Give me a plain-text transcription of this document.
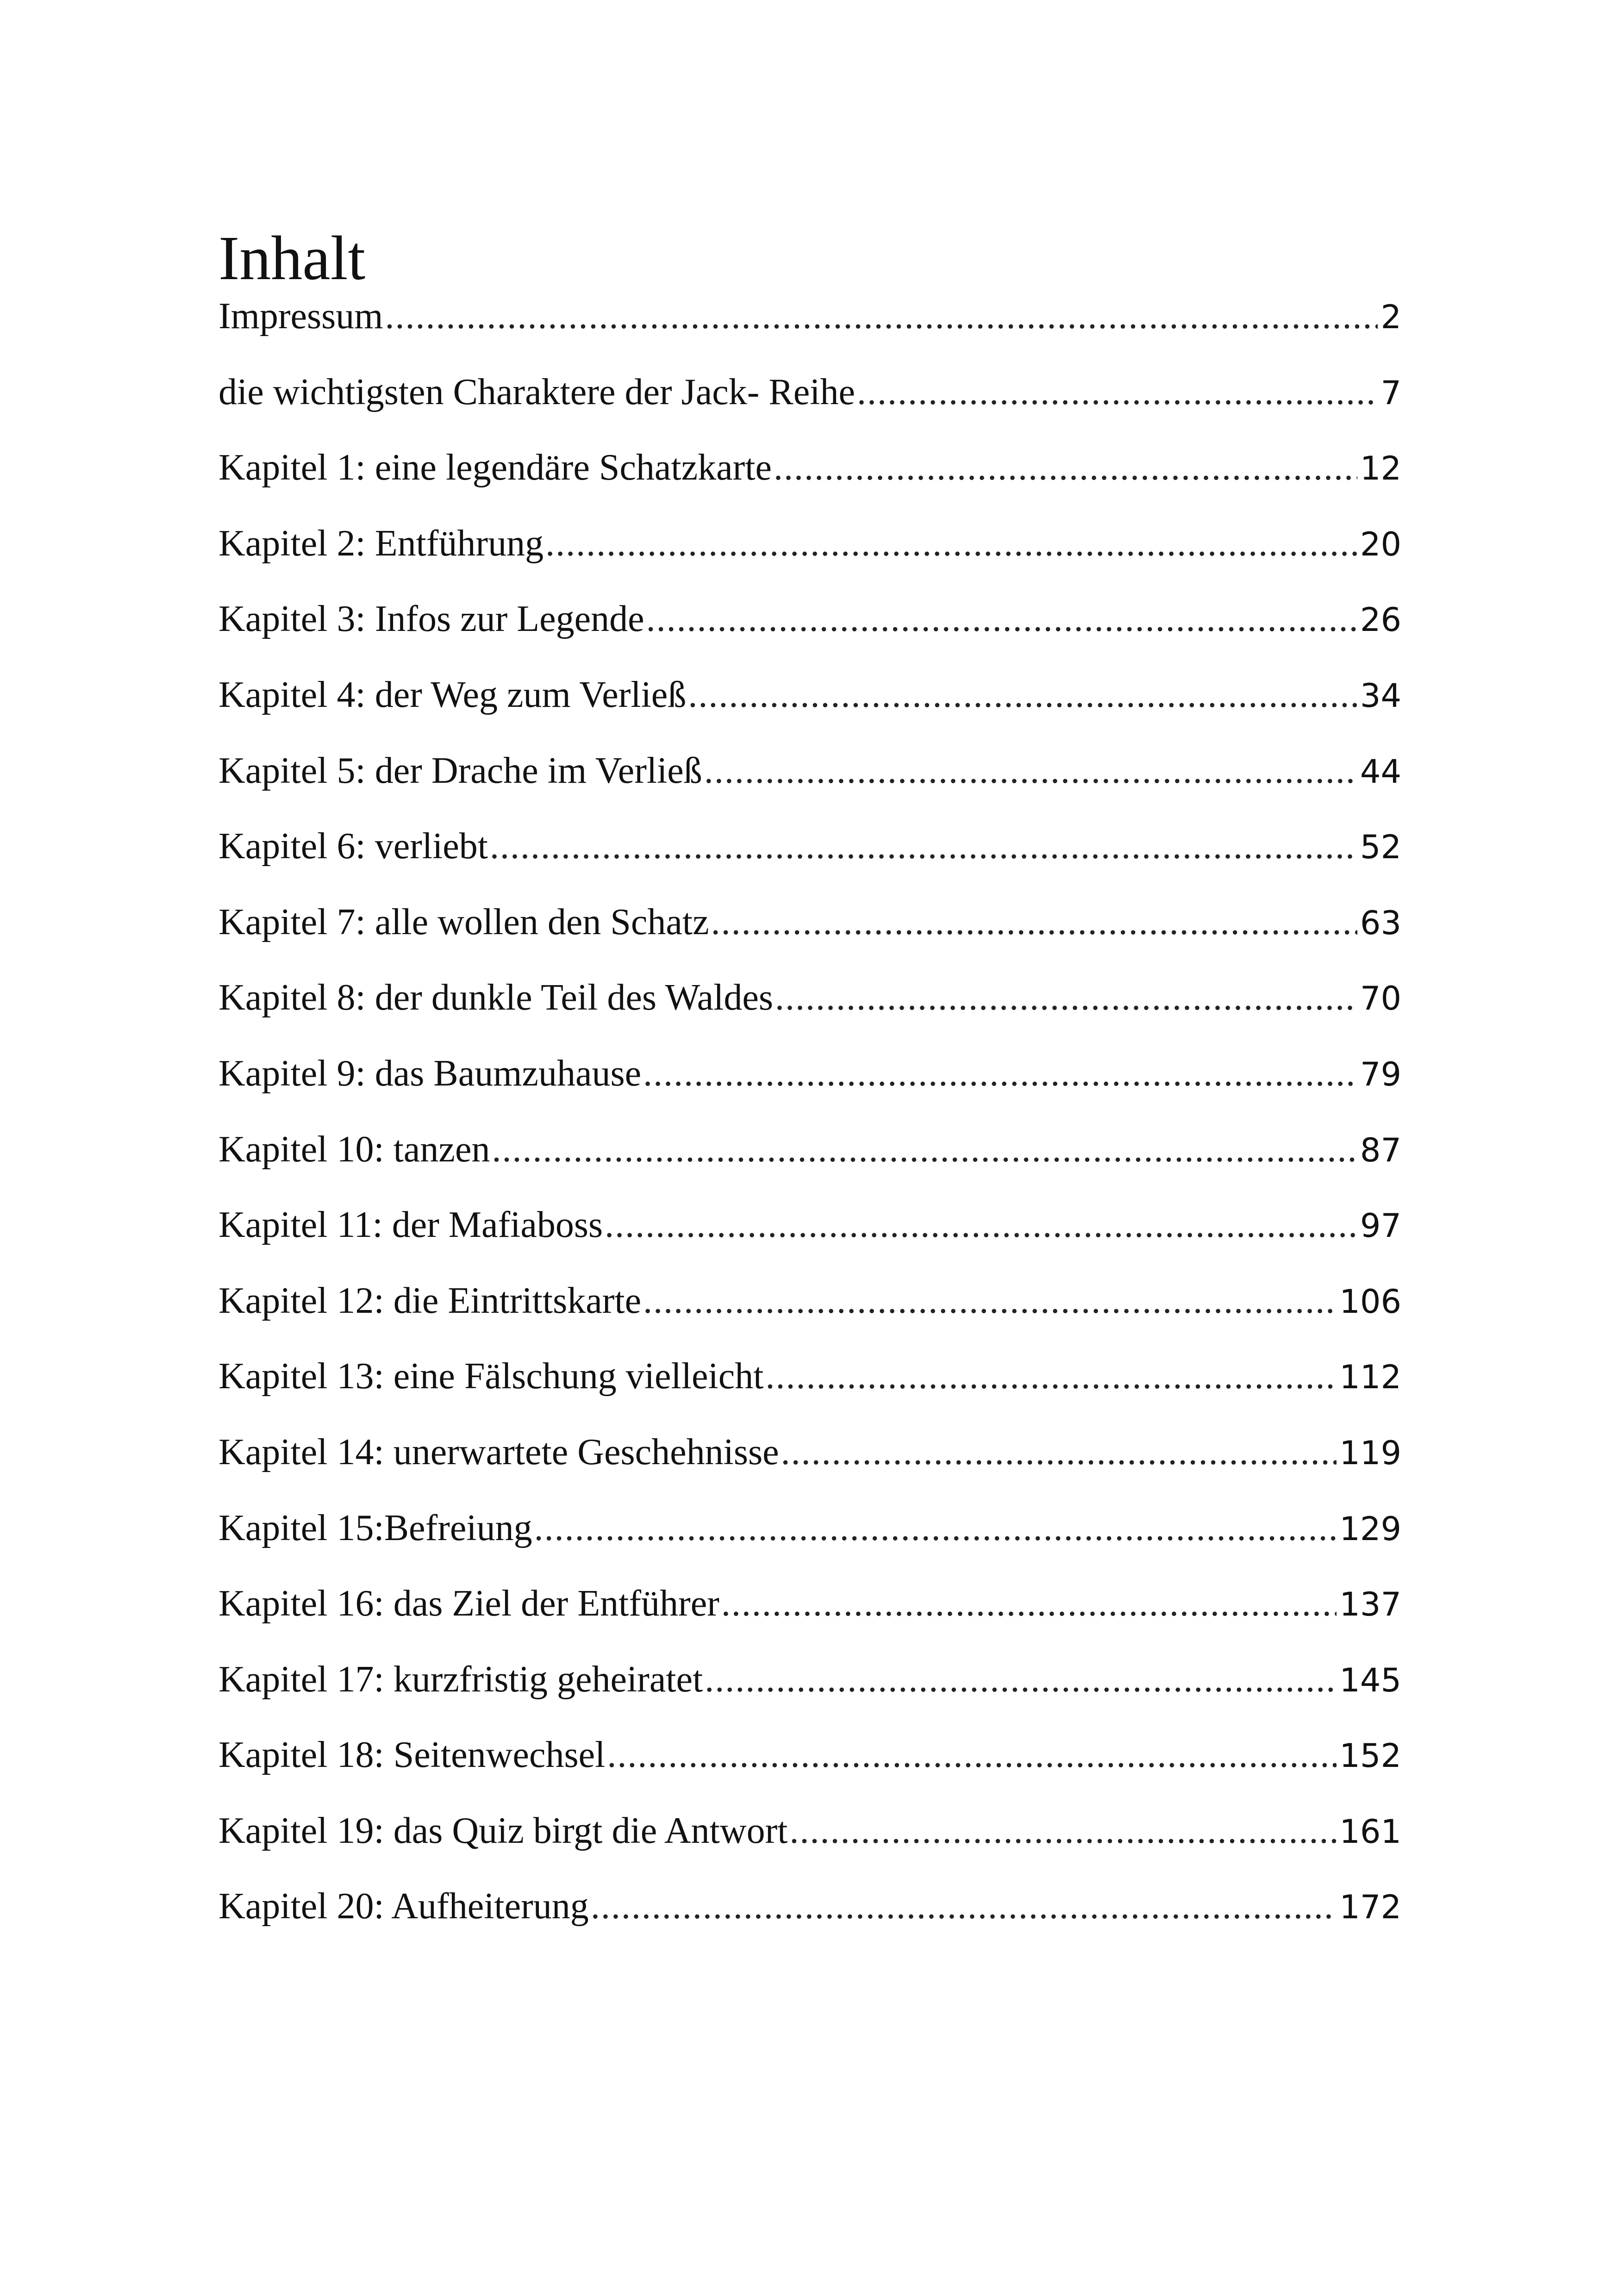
Inhalt
Impressum .....	2
die wichtigsten Charaktere der Jack- Reihe .....	7
Kapitel 1: eine legendäre Schatzkarte .....	12
Kapitel 2: Entführung .....	20
Kapitel 3: Infos zur Legende .....	26
Kapitel 4: der Weg zum Verließ .....	34
Kapitel 5: der Drache im Verließ .....	44
Kapitel 6: verliebt .....	52
Kapitel 7: alle wollen den Schatz .....	63
Kapitel 8: der dunkle Teil des Waldes .....	70
Kapitel 9: das Baumzuhause .....	79
Kapitel 10: tanzen .....	87
Kapitel 11: der Mafiaboss .....	97
Kapitel 12: die Eintrittskarte .....	106
Kapitel 13: eine Fälschung vielleicht .....	112
Kapitel 14: unerwartete Geschehnisse .....	119
Kapitel 15:Befreiung .....	129
Kapitel 16: das Ziel der Entführer .....	137
Kapitel 17: kurzfristig geheiratet .....	145
Kapitel 18: Seitenwechsel .....	152
Kapitel 19: das Quiz birgt die Antwort .....	161
Kapitel 20: Aufheiterung .....	172
